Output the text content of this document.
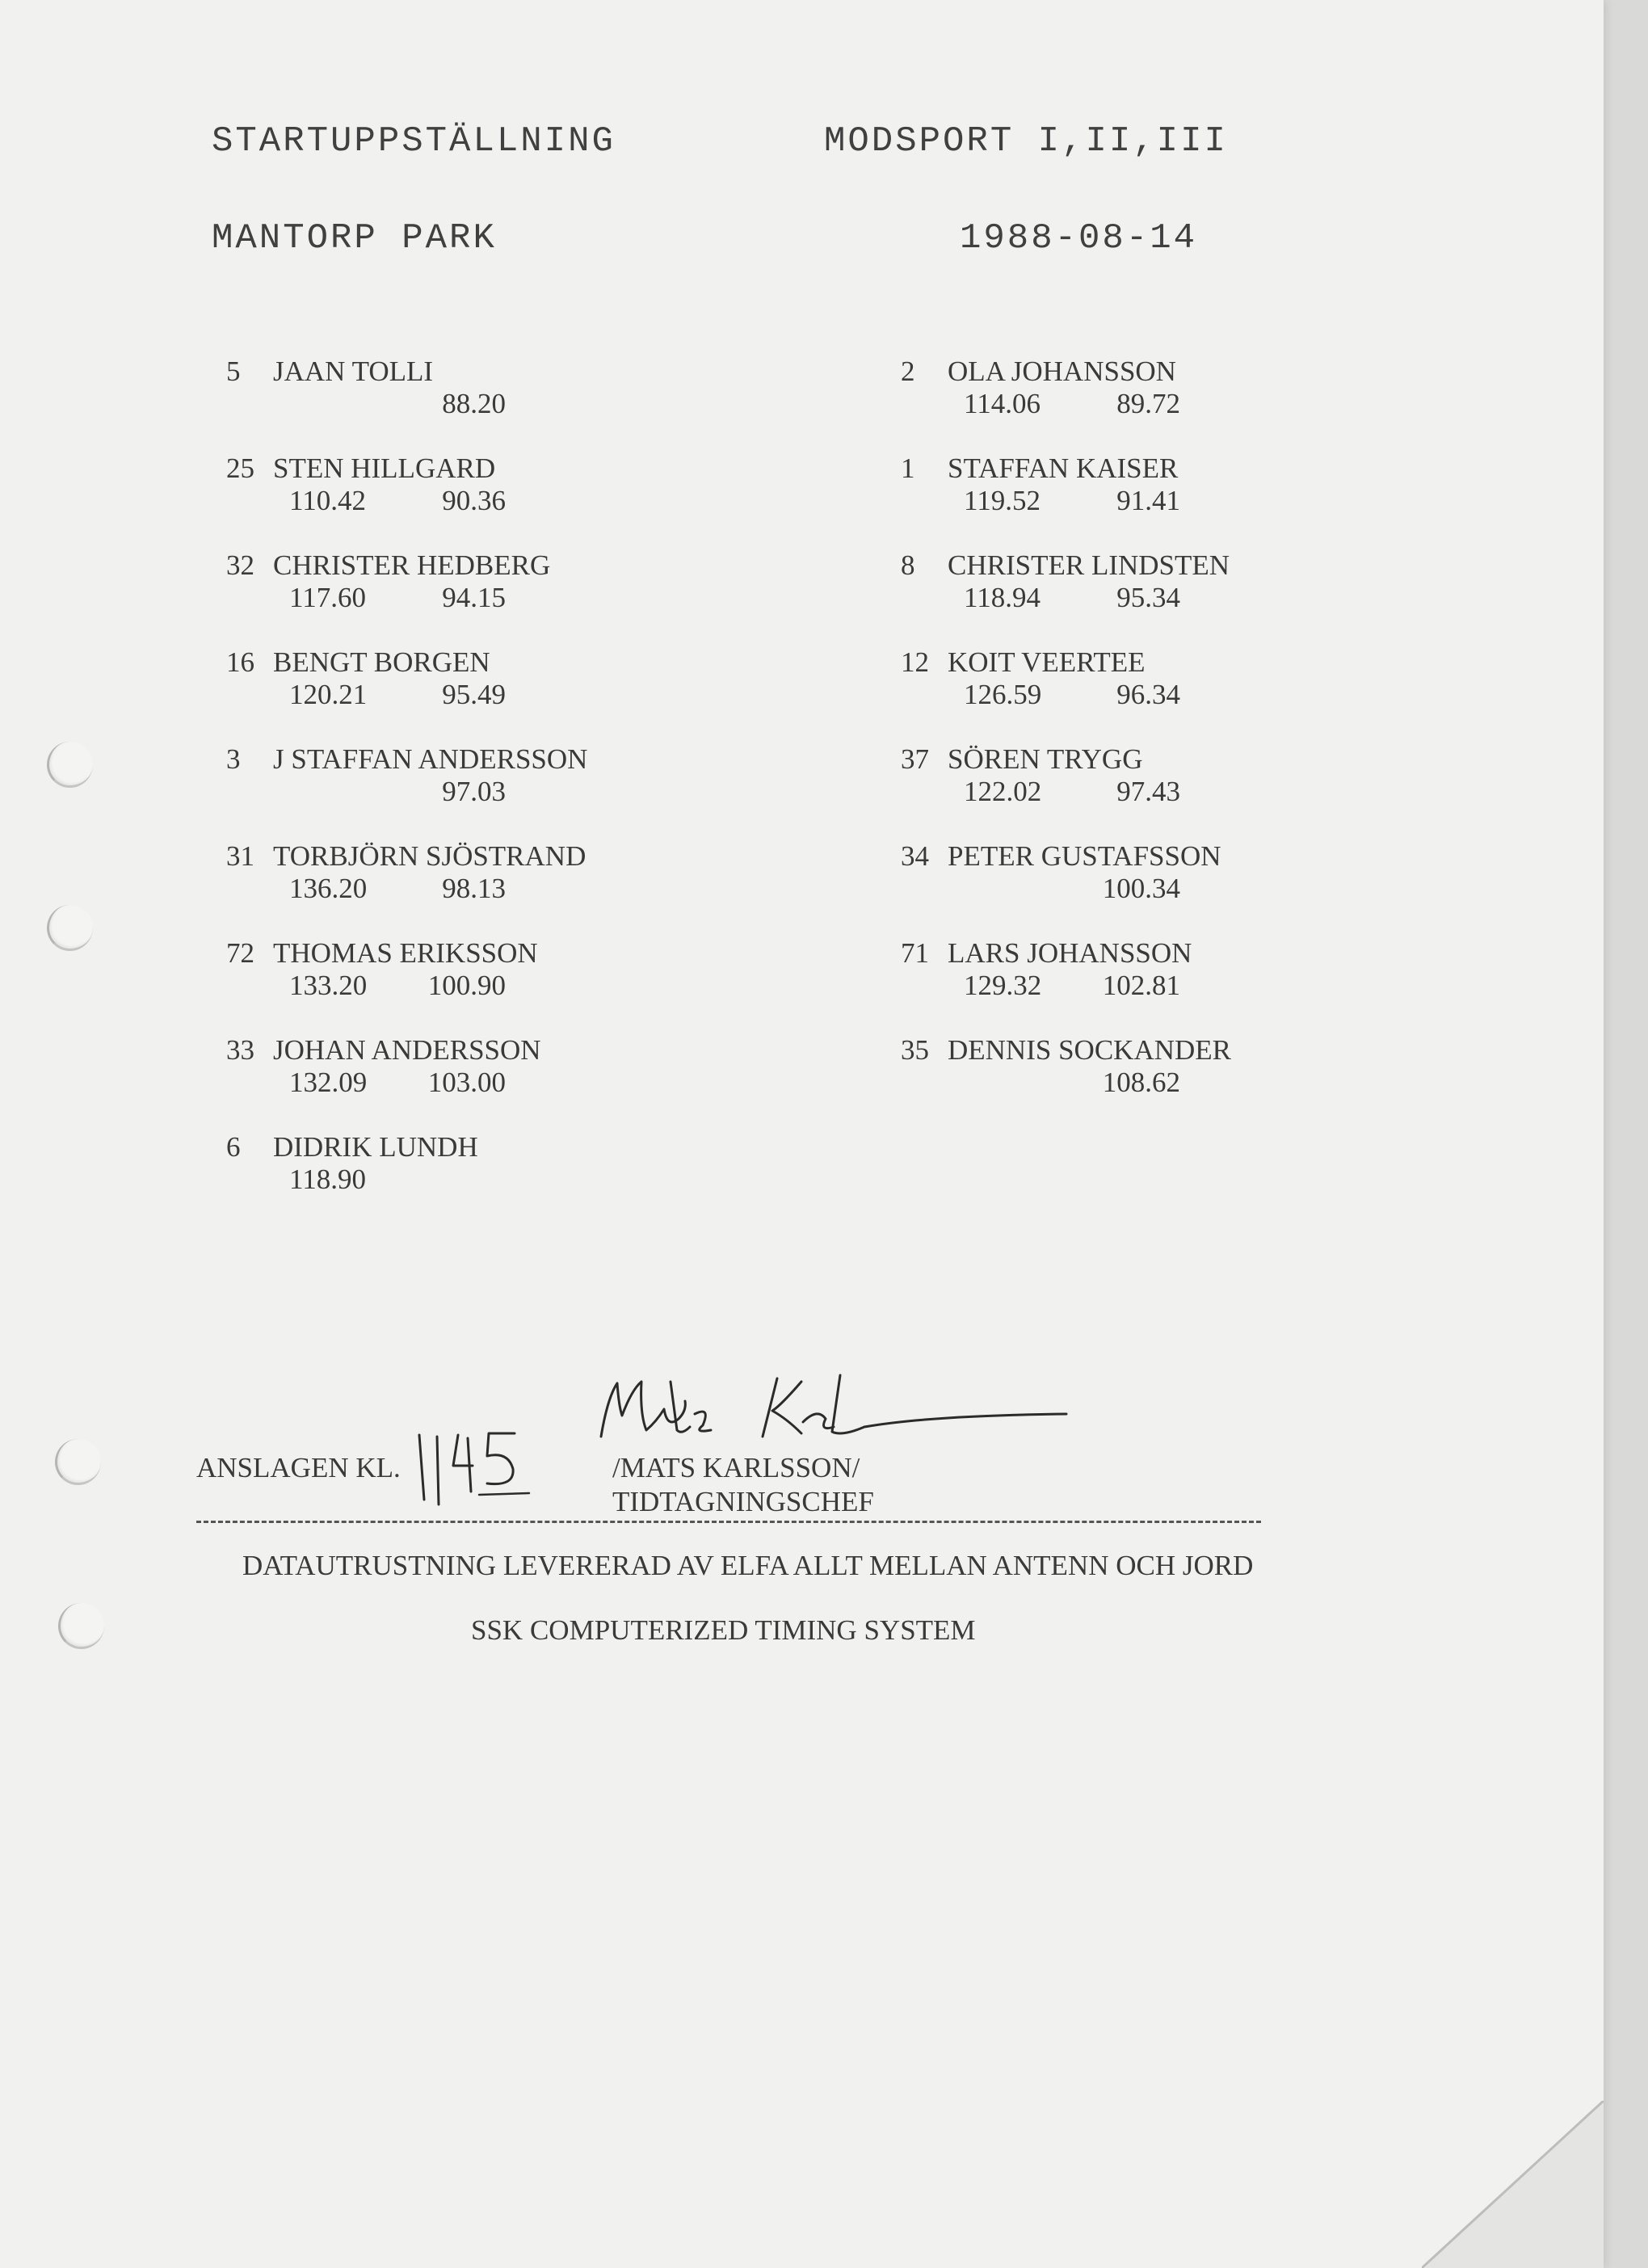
STARTUPPSTÄLLNING	MODSPORT I,II,III
MANTORP PARK	1988-08-14
5 JAAN TOLLI
88.20
25 STEN HILLGARD
110.42	90.36
32 CHRISTER HEDBERG
117.60	94.15
16 BENGT BORGEN
120.21	95.49
3 J STAFFAN ANDERSSON
97.03
31 TORBJÖRN SJÖSTRAND
136.20	98.13
72 THOMAS ERIKSSON
133.20 100.90
33 JOHAN ANDERSSON
132.09 103.00
6 DIDRIK LUNDH
118.90
2 OLA JOHANSSON
114.06	89.72
1 STAFFAN KAISER
119.52	91.41
8 CHRISTER LINDSTEN
118.94	95.34
12 KOIT VEERTEE
126.59	96.34
37 SÖREN TRYGG
122.02	97.43
34 PETER GUSTAFSSON
100.34
71 LARS JOHANSSON
129.32 102.81
35 DENNIS SOCKANDER
108.62
ANSLAGEN KL.	/MATS KARLSSON/
TIDTAGNINGSCHEF
DATAUTRUSTNING LEVERERAD AV ELFA ALLT MELLAN ANTENN OCH JORD
SSK COMPUTERIZED TIMING SYSTEM
